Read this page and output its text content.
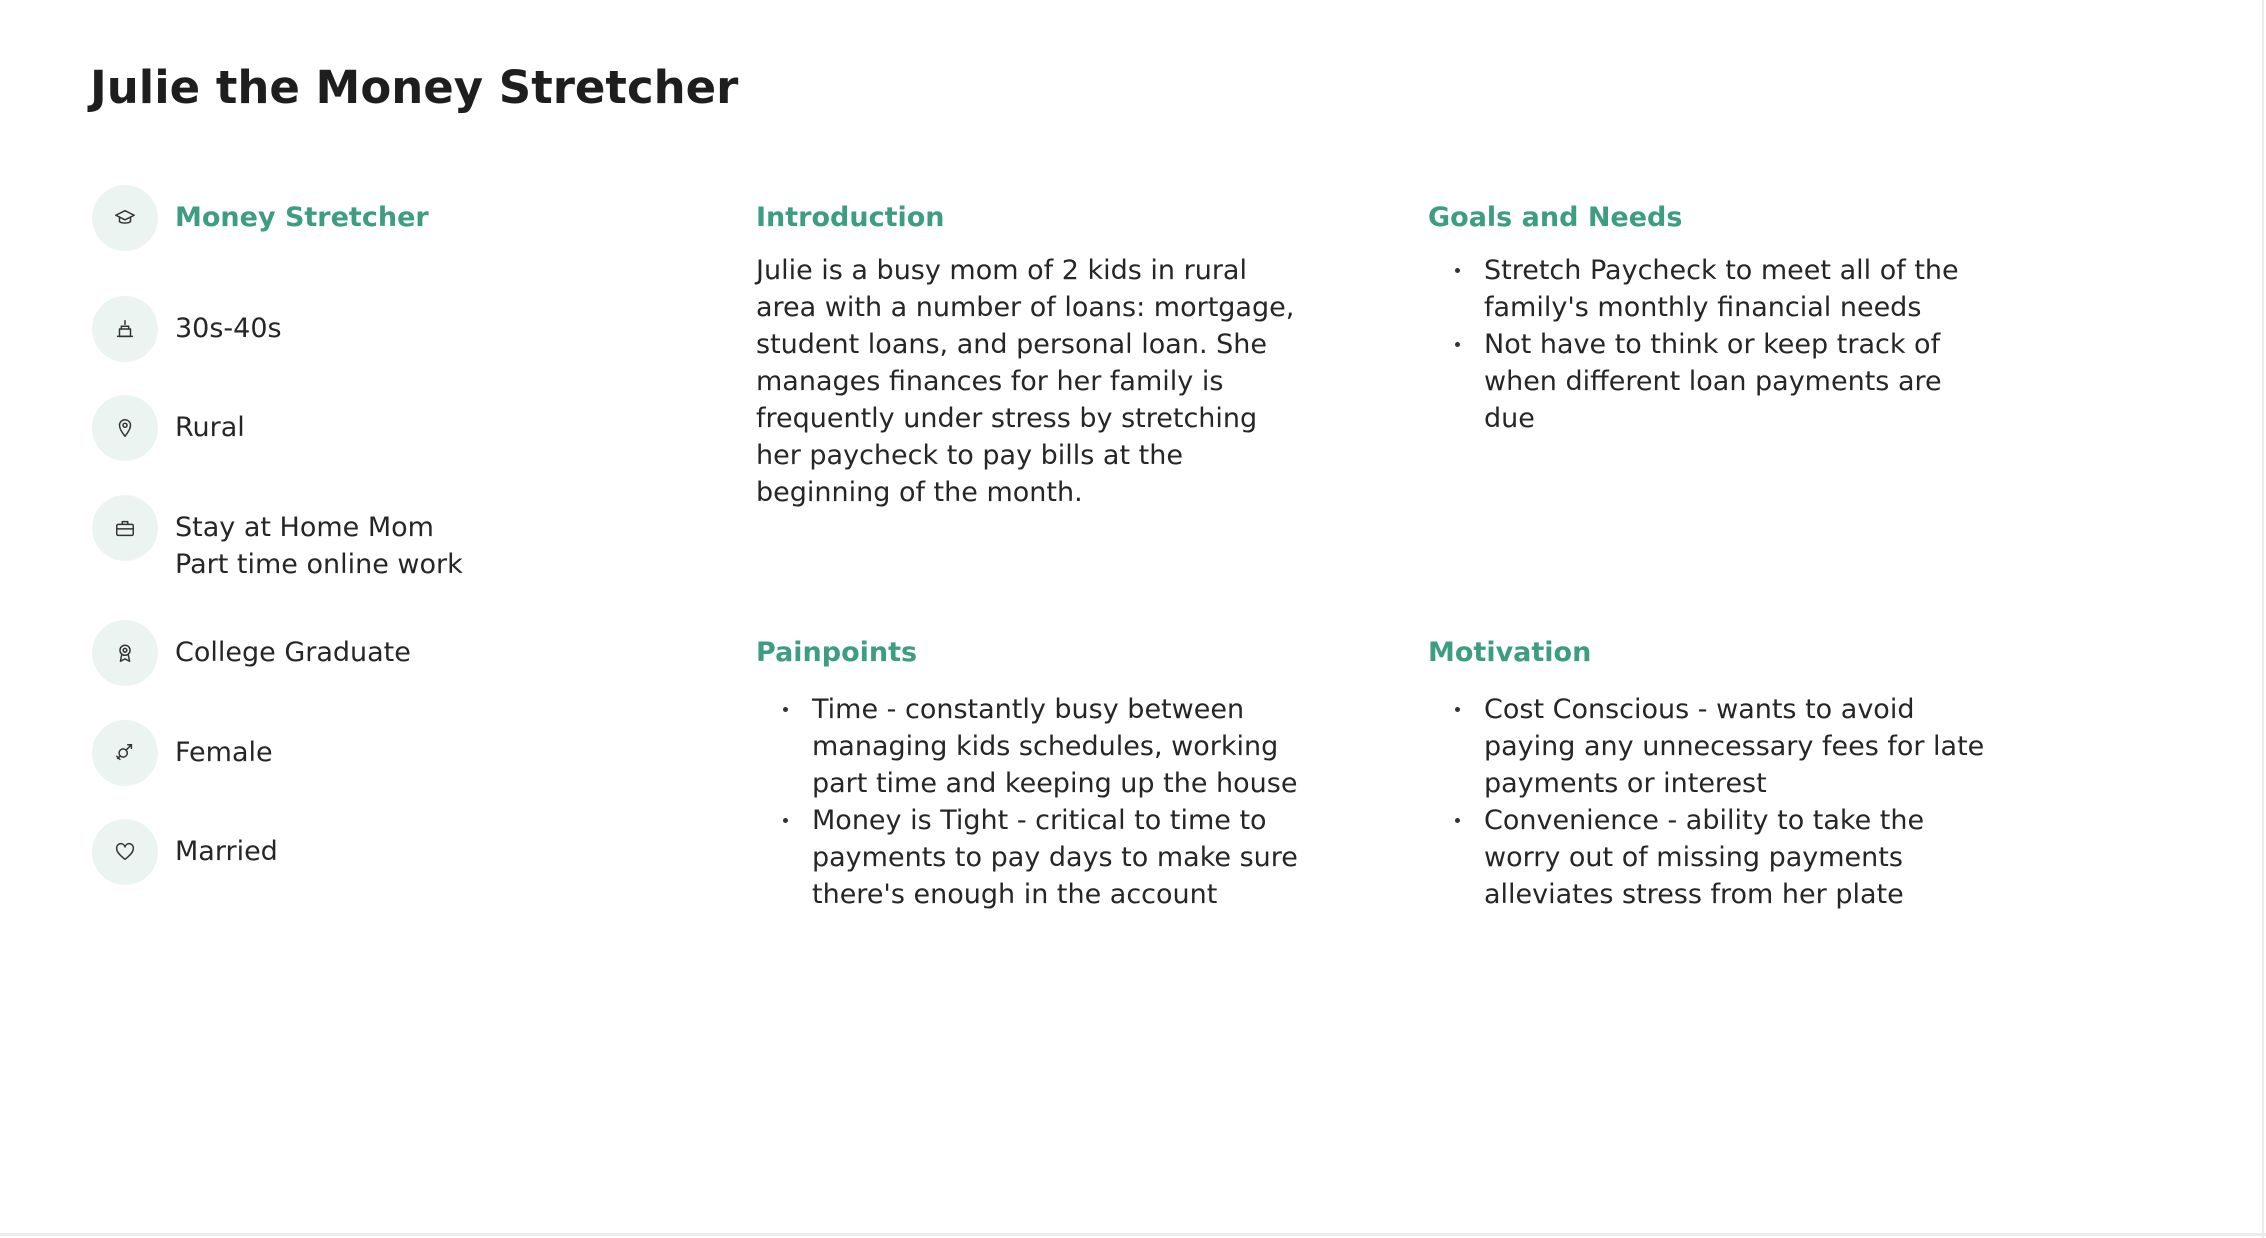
Julie the Money Stretcher
Money Stretcher
30s-40s
Rural
Stay at Home Mom
Part time online work
College Graduate
Female
Married
Introduction

Julie is a busy mom of 2 kids in rural area with a number of loans: mortgage, student loans, and personal loan. She manages finances for her family is frequently under stress by stretching her paycheck to pay bills at the beginning of the month.

Goals and Needs
Stretch Paycheck to meet all of the family's monthly financial needs
Not have to think or keep track of when different loan payments are due
Painpoints
Time - constantly busy between managing kids schedules, working part time and keeping up the house
Money is Tight - critical to time to payments to pay days to make sure there's enough in the account
Motivation
Cost Conscious - wants to avoid paying any unnecessary fees for late payments or interest
Convenience - ability to take the worry out of missing payments alleviates stress from her plate
